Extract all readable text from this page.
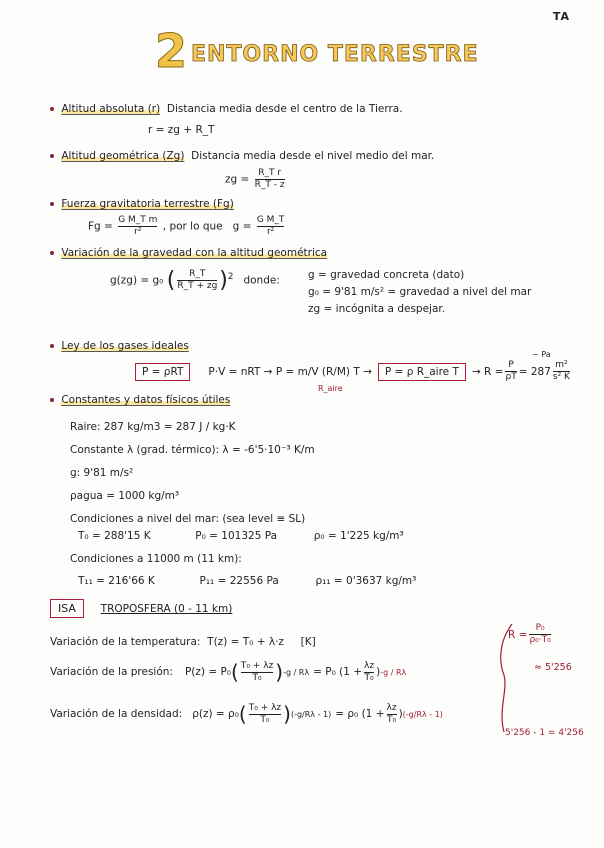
TA
2 ENTORNO TERRESTRE
Altitud absoluta (r) Distancia media desde el centro de la Tierra.
r = zg + R_T
Altitud geométrica (Zg) Distancia media desde el nivel medio del mar.
zg = $\frac{\text{R\_T r}}{R\_T - z}$
Fuerza gravitatoria terrestre (Fg)
$Fg = \frac{\text{G M\_T m}}{\text{r²}}$ , por lo que $g = \frac{\text{G M\_T}}{\text{r²}}$
Variación de la gravedad con la altitud geométrica
g(zg) = g₀ ( $\frac{R\_T}{R\_T + zg} )^2$ donde:	g = gravedad concreta (dato)
g₀ = 9'81 m/s² = gravedad a nivel del mar
zg = incógnita a despejar.
Ley de los gases ideales
P = ρRT	P·V = nRT → P = m/V (R/M) T →	P = ρ R_aire T	→ $R = \frac{P}{\rho T} = 287 \frac{\text{m²}}{\text{s² K}}$
R_aire
~ Pa
Constantes y datos físicos útiles
Raire: 287 kg/m3 = 287 J / kg·K
Constante λ (grad. térmico): λ = -6'5·10⁻³ K/m
g: 9'81 m/s²
ρagua = 1000 kg/m³
Condiciones a nivel del mar: (sea level ≡ SL)
T₀ = 288'15 K	P₀ = 101325 Pa	ρ₀ = 1'225 kg/m³
Condiciones a 11000 m (11 km):
T₁₁ = 216'66 K	P₁₁ = 22556 Pa	ρ₁₁ = 0'3637 kg/m³
ISA TROPOSFERA (0 - 11 km)
Variación de la temperatura: T(z) = T₀ + λ·z [K]
$R = \frac{\text{P₀}}{\text{ρ₀·T₀}}$
Variación de la presión: P(z) = P₀ ( $\frac{\text{T₀ + λz}}{\text{T₀}}$ ) -g / Rλ = P₀ ($1 + \frac{\lambda z}{\text{T₀}}$ ) -g / Rλ	≈ 5'256
Variación de la densidad: ρ(z) = ρ₀ ( $\frac{\text{T₀ + λz}}{\text{T₀}}$ ) (-g/Rλ - 1) = ρ₀ ($1 + \frac{\lambda z}{\text{T₀}}$ ) (-g/Rλ - 1)
5'256 - 1 = 4'256
